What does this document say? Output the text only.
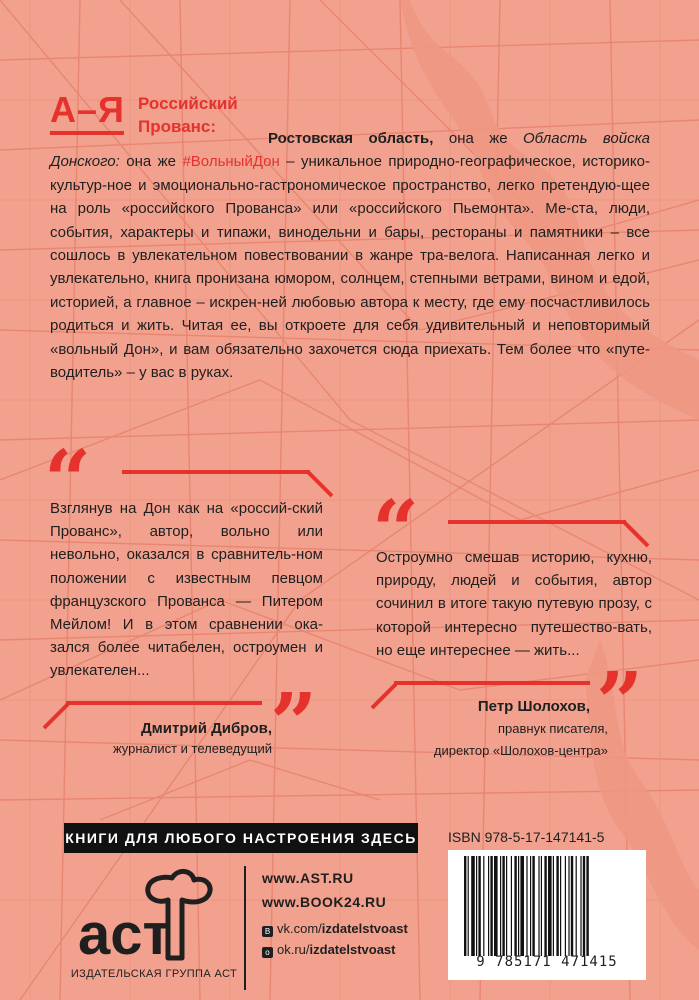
А–Я Российский Прованс:
Ростовская область, она же Область войска Донского: она же #ВольныйДон – уникальное природно-географическое, историко-культур-ное и эмоционально-гастрономическое пространство, легко претендую-щее на роль «российского Прованса» или «российского Пьемонта». Ме-ста, люди, события, характеры и типажи, винодельни и бары, рестораны и памятники – все сошлось в увлекательном повествовании в жанре тра-велога. Написанная легко и увлекательно, книга пронизана юмором, солнцем, степными ветрами, вином и едой, историей, а главное – искрен-ней любовью автора к месту, где ему посчастливилось родиться и жить. Читая ее, вы откроете для себя удивительный и неповторимый «вольный Дон», и вам обязательно захочется сюда приехать. Тем более что «путе-водитель» – у вас в руках.
“
Взглянув на Дон как на «россий-ский Прованс», автор, вольно или невольно, оказался в сравнитель-ном положении с известным певцом французского Прованса — Питером Мейлом! И в этом сравнении ока-зался более читабелен, остроумен и увлекателен...
”
Дмитрий Дибров,
журналист и телеведущий
“
Остроумно смешав историю, кухню, природу, людей и события, автор сочинил в итоге такую путевую прозу, с которой интересно путешество-вать, но еще интереснее — жить...
”
Петр Шолохов,
правнук писателя,
директор «Шолохов-центра»
КНИГИ ДЛЯ ЛЮБОГО НАСТРОЕНИЯ ЗДЕСЬ
аст
ИЗДАТЕЛЬСКАЯ ГРУППА АСТ
www.AST.RU
www.BOOK24.RU
В vk.com/izdatelstvoast
о ok.ru/izdatelstvoast
ISBN 978-5-17-147141-5
9 785171 471415
